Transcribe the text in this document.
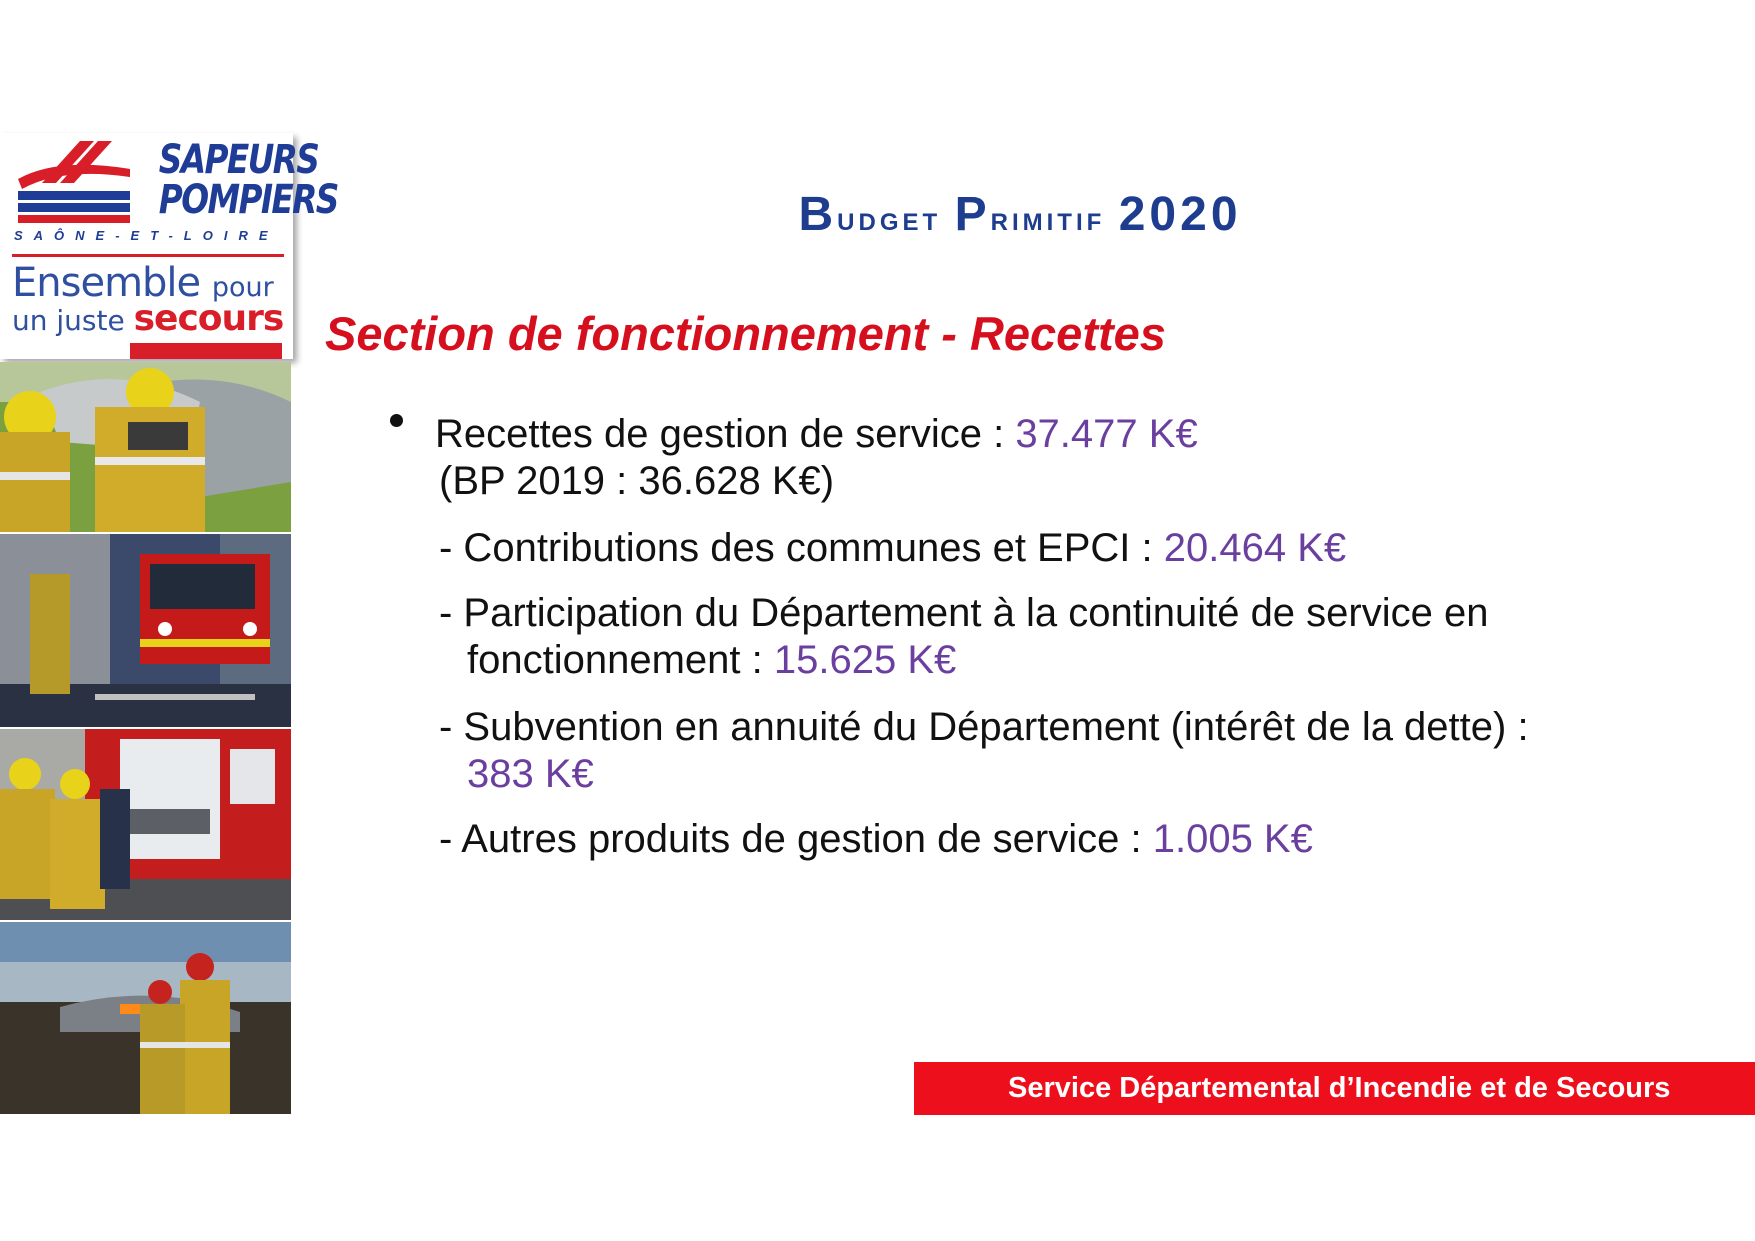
SAPEURS
POMPIERS
SAÔNE-ET-LOIRE
Ensemble pour
un juste secours
Budget Primitif 2020
Section de fonctionnement - Recettes
Recettes de gestion de service : 37.477 K€
(BP 2019 : 36.628 K€)
- Contributions des communes et EPCI : 20.464 K€
- Participation du Département à la continuité de service en
fonctionnement : 15.625 K€
- Subvention en annuité du Département (intérêt de la dette) :
383 K€
- Autres produits de gestion de service : 1.005 K€
Service Départemental d’Incendie et de Secours
